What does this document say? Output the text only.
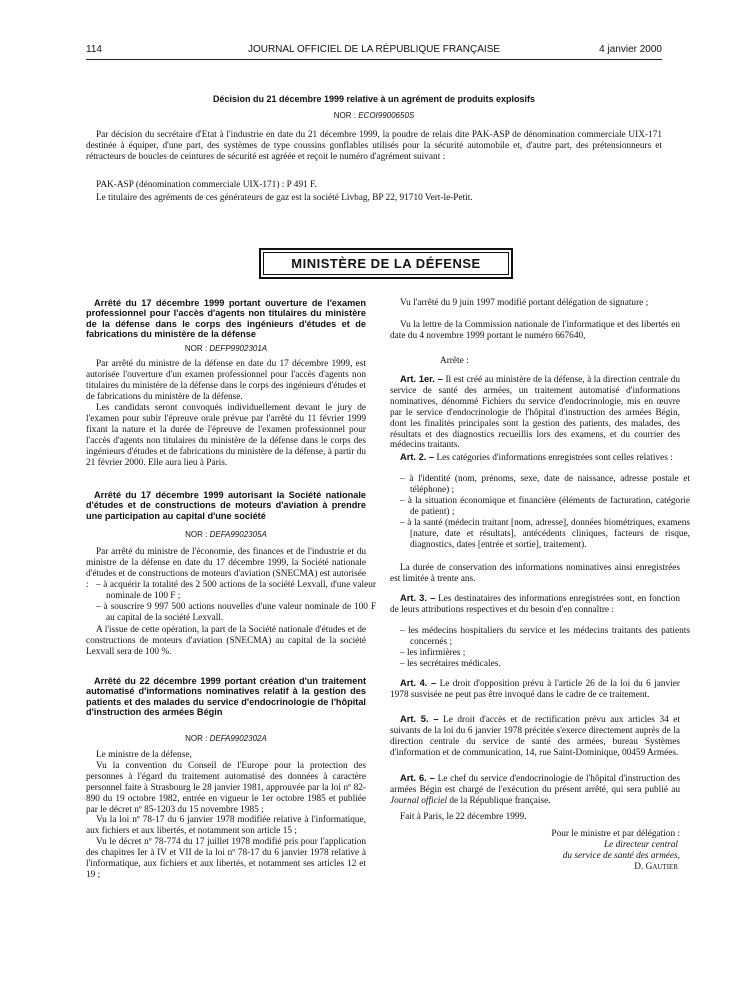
114	JOURNAL OFFICIEL DE LA RÉPUBLIQUE FRANÇAISE	4 janvier 2000

Décision du 21 décembre 1999 relative à un agrément de produits explosifs

NOR : ECOI9900650S

Par décision du secrétaire d'Etat à l'industrie en date du 21 décembre 1999, la poudre de relais dite PAK-ASP de dénomination commerciale UIX-171 destinée à équiper, d'une part, des systèmes de type coussins gonflables utilisés pour la sécurité automobile et, d'autre part, des prétensionneurs et rétracteurs de boucles de ceintures de sécurité est agréée et reçoit le numéro d'agrément suivant :

PAK-ASP (dénomination commerciale UIX-171) : P 491 F.

Le titulaire des agréments de ces générateurs de gaz est la société Livbag, BP 22, 91710 Vert-le-Petit.

MINISTÈRE DE LA DÉFENSE

Arrêté du 17 décembre 1999 portant ouverture de l'examen professionnel pour l'accès d'agents non titulaires du ministère de la défense dans le corps des ingénieurs d'études et de fabrications du ministère de la défense

NOR : DEFP9902301A

Par arrêté du ministre de la défense en date du 17 décembre 1999, est autorisée l'ouverture d'un examen professionnel pour l'accès d'agents non titulaires du ministère de la défense dans le corps des ingénieurs d'études et de fabrications du ministère de la défense.

Les candidats seront convoqués individuellement devant le jury de l'examen pour subir l'épreuve orale prévue par l'arrêté du 11 février 1999 fixant la nature et la durée de l'épreuve de l'examen professionnel pour l'accès d'agents non titulaires du ministère de la défense dans le corps des ingénieurs d'études et de fabrications du ministère de la défense, à partir du 21 février 2000. Elle aura lieu à Paris.

Arrêté du 17 décembre 1999 autorisant la Société nationale d'études et de constructions de moteurs d'aviation à prendre une participation au capital d'une société

NOR : DEFA9902305A

Par arrêté du ministre de l'économie, des finances et de l'industrie et du ministre de la défense en date du 17 décembre 1999, la Société nationale d'études et de constructions de moteurs d'aviation (SNECMA) est autorisée : – à acquérir la totalité des 2 500 actions de la société Lexvall, d'une valeur nominale de 100 F ;

– à souscrire 9 997 500 actions nouvelles d'une valeur nominale de 100 F au capital de la société Lexvall.

A l'issue de cette opération, la part de la Société nationale d'études et de constructions de moteurs d'aviation (SNECMA) au capital de la société Lexvall sera de 100 %.

Arrêté du 22 décembre 1999 portant création d'un traitement automatisé d'informations nominatives relatif à la gestion des patients et des malades du service d'endocrinologie de l'hôpital d'instruction des armées Bégin

NOR : DEFA9902302A

Le ministre de la défense,

Vu la convention du Conseil de l'Europe pour la protection des personnes à l'égard du traitement automatisé des données à caractère personnel faite à Strasbourg le 28 janvier 1981, approuvée par la loi nº 82-890 du 19 octobre 1982, entrée en vigueur le 1er octobre 1985 et publiée par le décret nº 85-1203 du 15 novembre 1985 ;

Vu la loi nº 78-17 du 6 janvier 1978 modifiée relative à l'informatique, aux fichiers et aux libertés, et notamment son article 15 ;

Vu le décret nº 78-774 du 17 juillet 1978 modifié pris pour l'application des chapitres Ier à IV et VII de la loi nº 78-17 du 6 janvier 1978 relative à l'informatique, aux fichiers et aux libertés, et notamment ses articles 12 et 19 ;

Vu l'arrêté du 9 juin 1997 modifié portant délégation de signature ;

Vu la lettre de la Commission nationale de l'informatique et des libertés en date du 4 novembre 1999 portant le numéro 667640,

Arrête :

Art. 1er. – Il est créé au ministère de la défense, à la direction centrale du service de santé des armées, un traitement automatisé d'informations nominatives, dénommé Fichiers du service d'endocrinologie, mis en œuvre par le service d'endocrinologie de l'hôpital d'instruction des armées Bégin, dont les finalités principales sont la gestion des patients, des malades, des résultats et des diagnostics recueillis lors des examens, et du courrier des médecins traitants.

Art. 2. – Les catégories d'informations enregistrées sont celles relatives :

– à l'identité (nom, prénoms, sexe, date de naissance, adresse postale et téléphone) ;

– à la situation économique et financière (éléments de facturation, catégorie de patient) ;

– à la santé (médecin traitant [nom, adresse], données biométriques, examens [nature, date et résultats], antécédents cliniques, facteurs de risque, diagnostics, dates [entrée et sortie], traitement).

La durée de conservation des informations nominatives ainsi enregistrées est limitée à trente ans.

Art. 3. – Les destinataires des informations enregistrées sont, en fonction de leurs attributions respectives et du besoin d'en connaître :

– les médecins hospitaliers du service et les médecins traitants des patients concernés ;

– les infirmières ;

– les secrétaires médicales.

Art. 4. – Le droit d'opposition prévu à l'article 26 de la loi du 6 janvier 1978 susvisée ne peut pas être invoqué dans le cadre de ce traitement.

Art. 5. – Le droit d'accès et de rectification prévu aux articles 34 et suivants de la loi du 6 janvier 1978 précitée s'exerce directement auprès de la direction centrale du service de santé des armées, bureau Systèmes d'information et de communication, 14, rue Saint-Dominique, 00459 Armées.

Art. 6. – Le chef du service d'endocrinologie de l'hôpital d'instruction des armées Bégin est chargé de l'exécution du présent arrêté, qui sera publié au Journal officiel de la République française.

Fait à Paris, le 22 décembre 1999.

Pour le ministre et par délégation :

Le directeur central

du service de santé des armées,

D. Gautier
